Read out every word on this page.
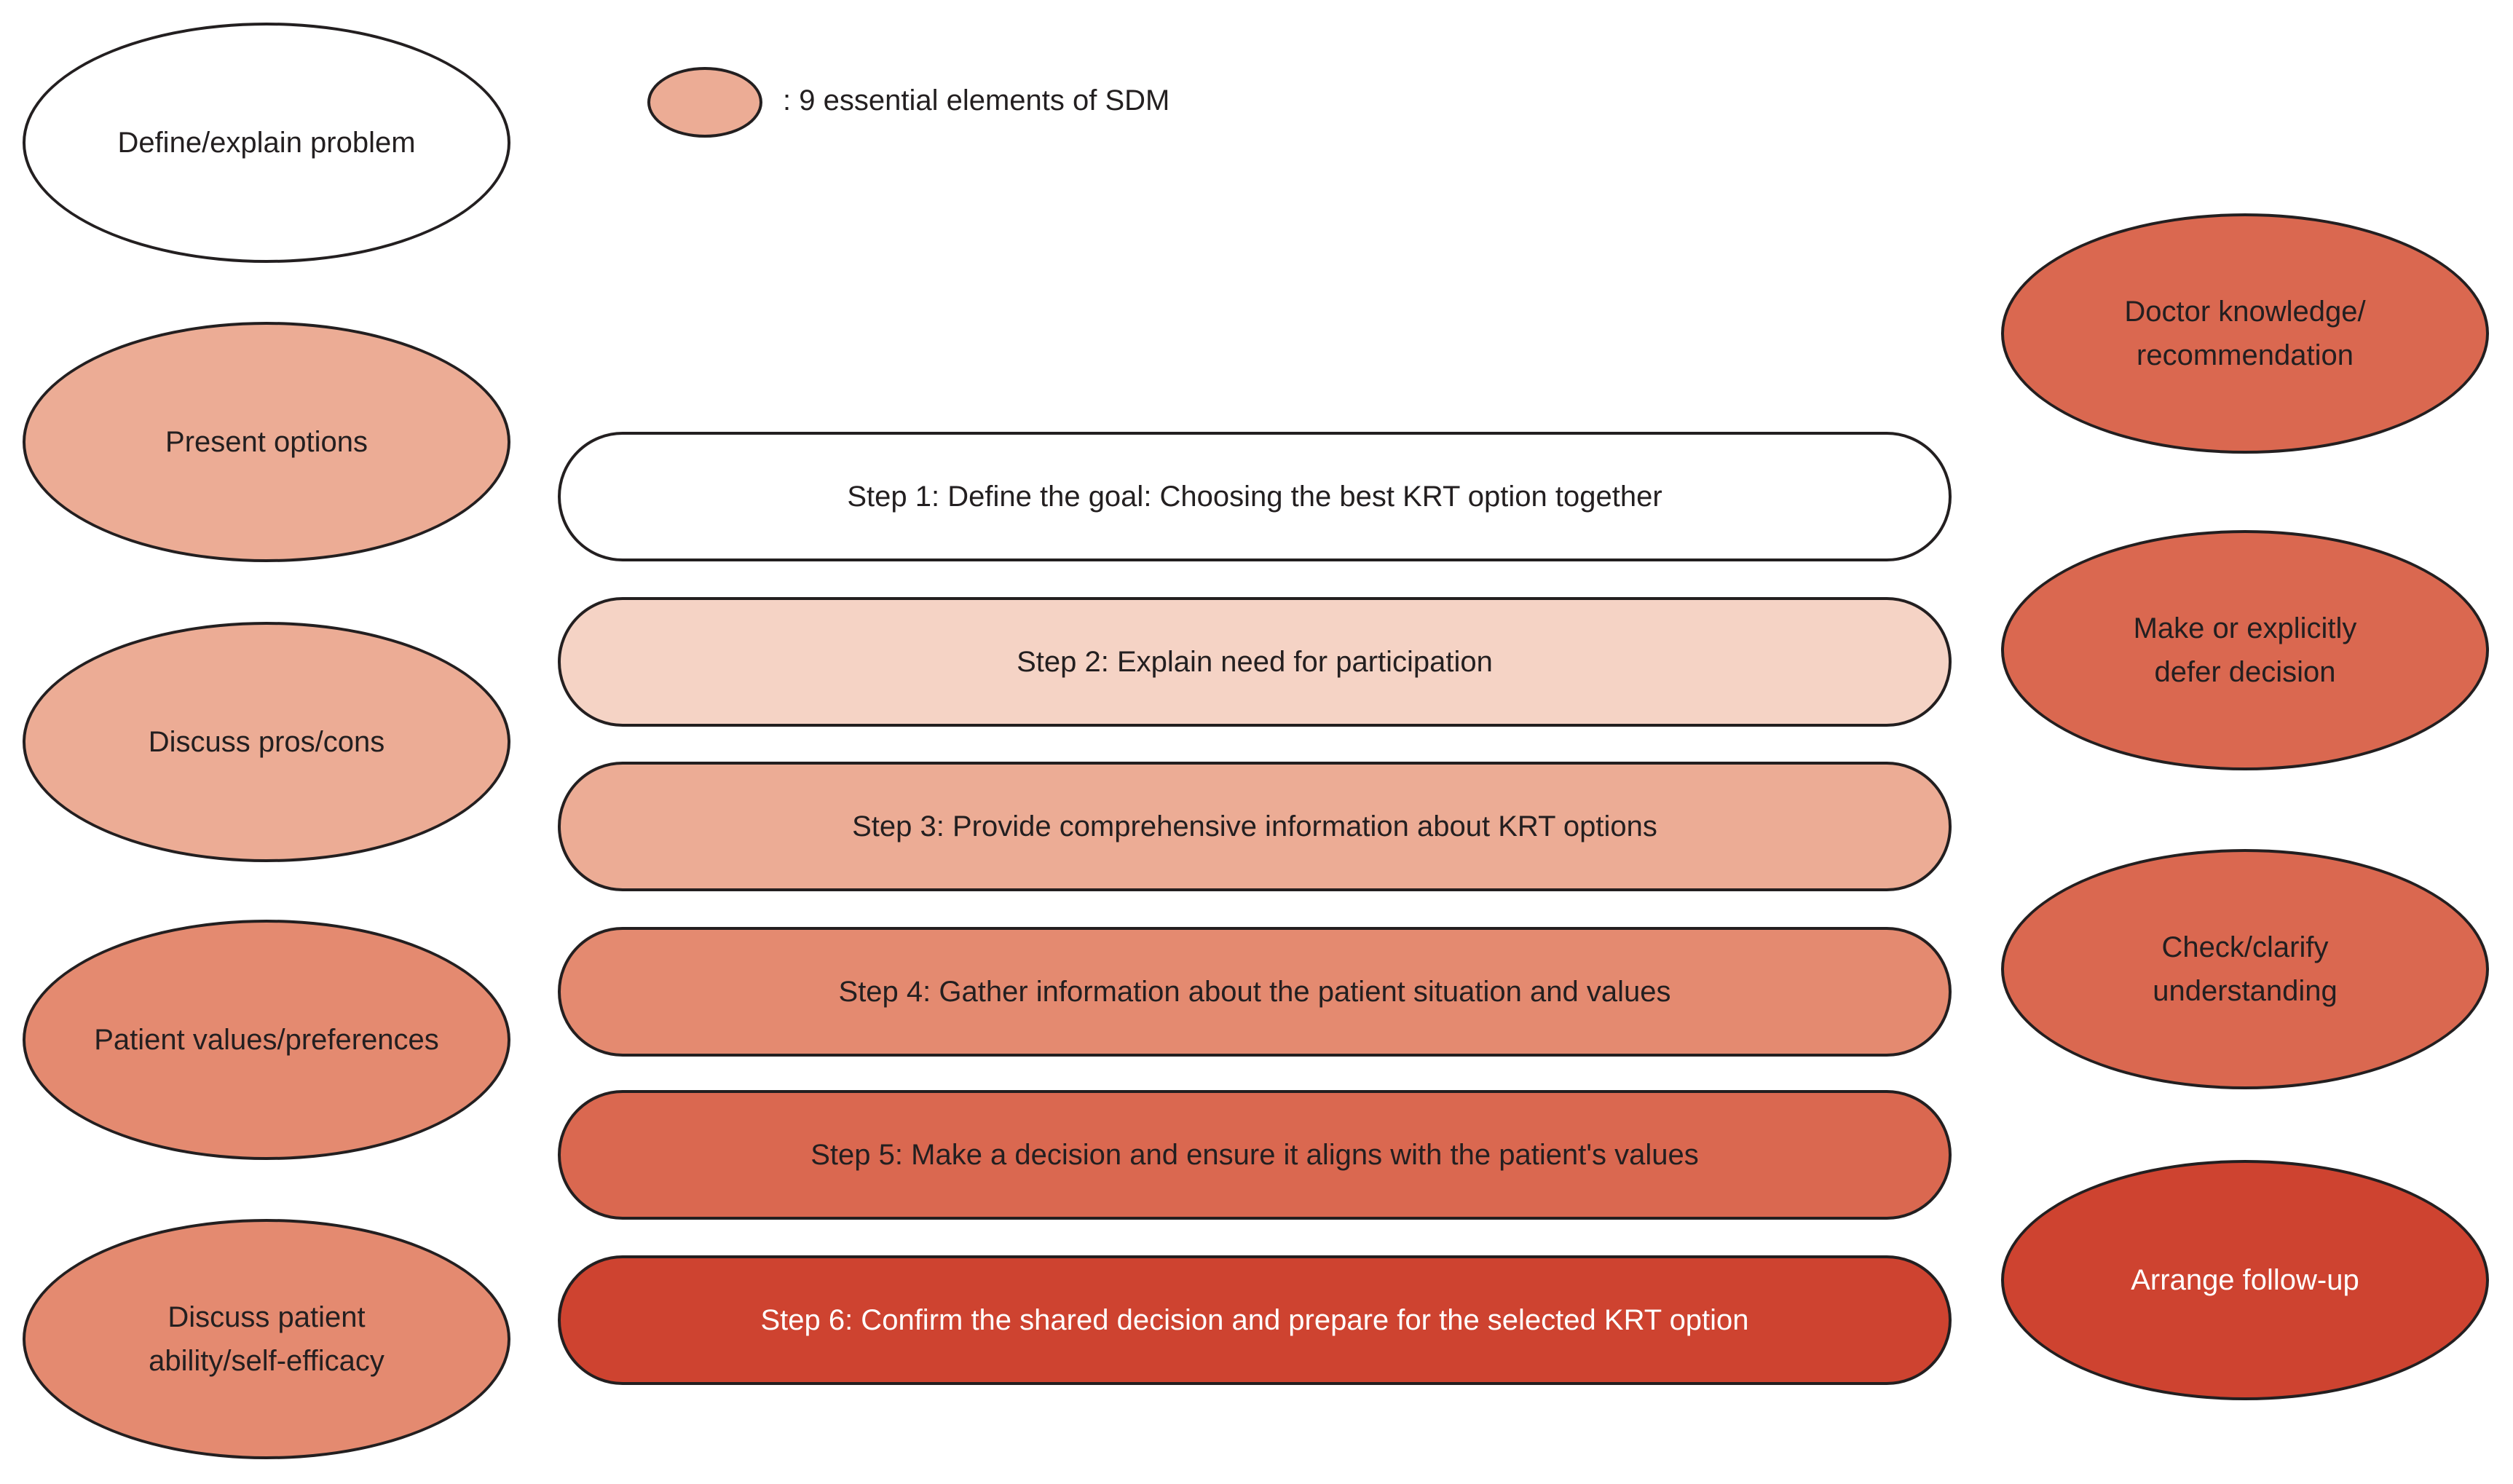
: 9 essential elements of SDM
Define/explain problem
Present options
Discuss pros/cons
Patient values/preferences
Discuss patient
ability/self-efficacy
Doctor knowledge/
recommendation
Make or explicitly
defer decision
Check/clarify
understanding
Arrange follow-up
Step 1: Define the goal: Choosing the best KRT option together
Step 2: Explain need for participation
Step 3: Provide comprehensive information about KRT options
Step 4: Gather information about the patient situation and values
Step 5: Make a decision and ensure it aligns with the patient's values
Step 6: Confirm the shared decision and prepare for the selected KRT option
